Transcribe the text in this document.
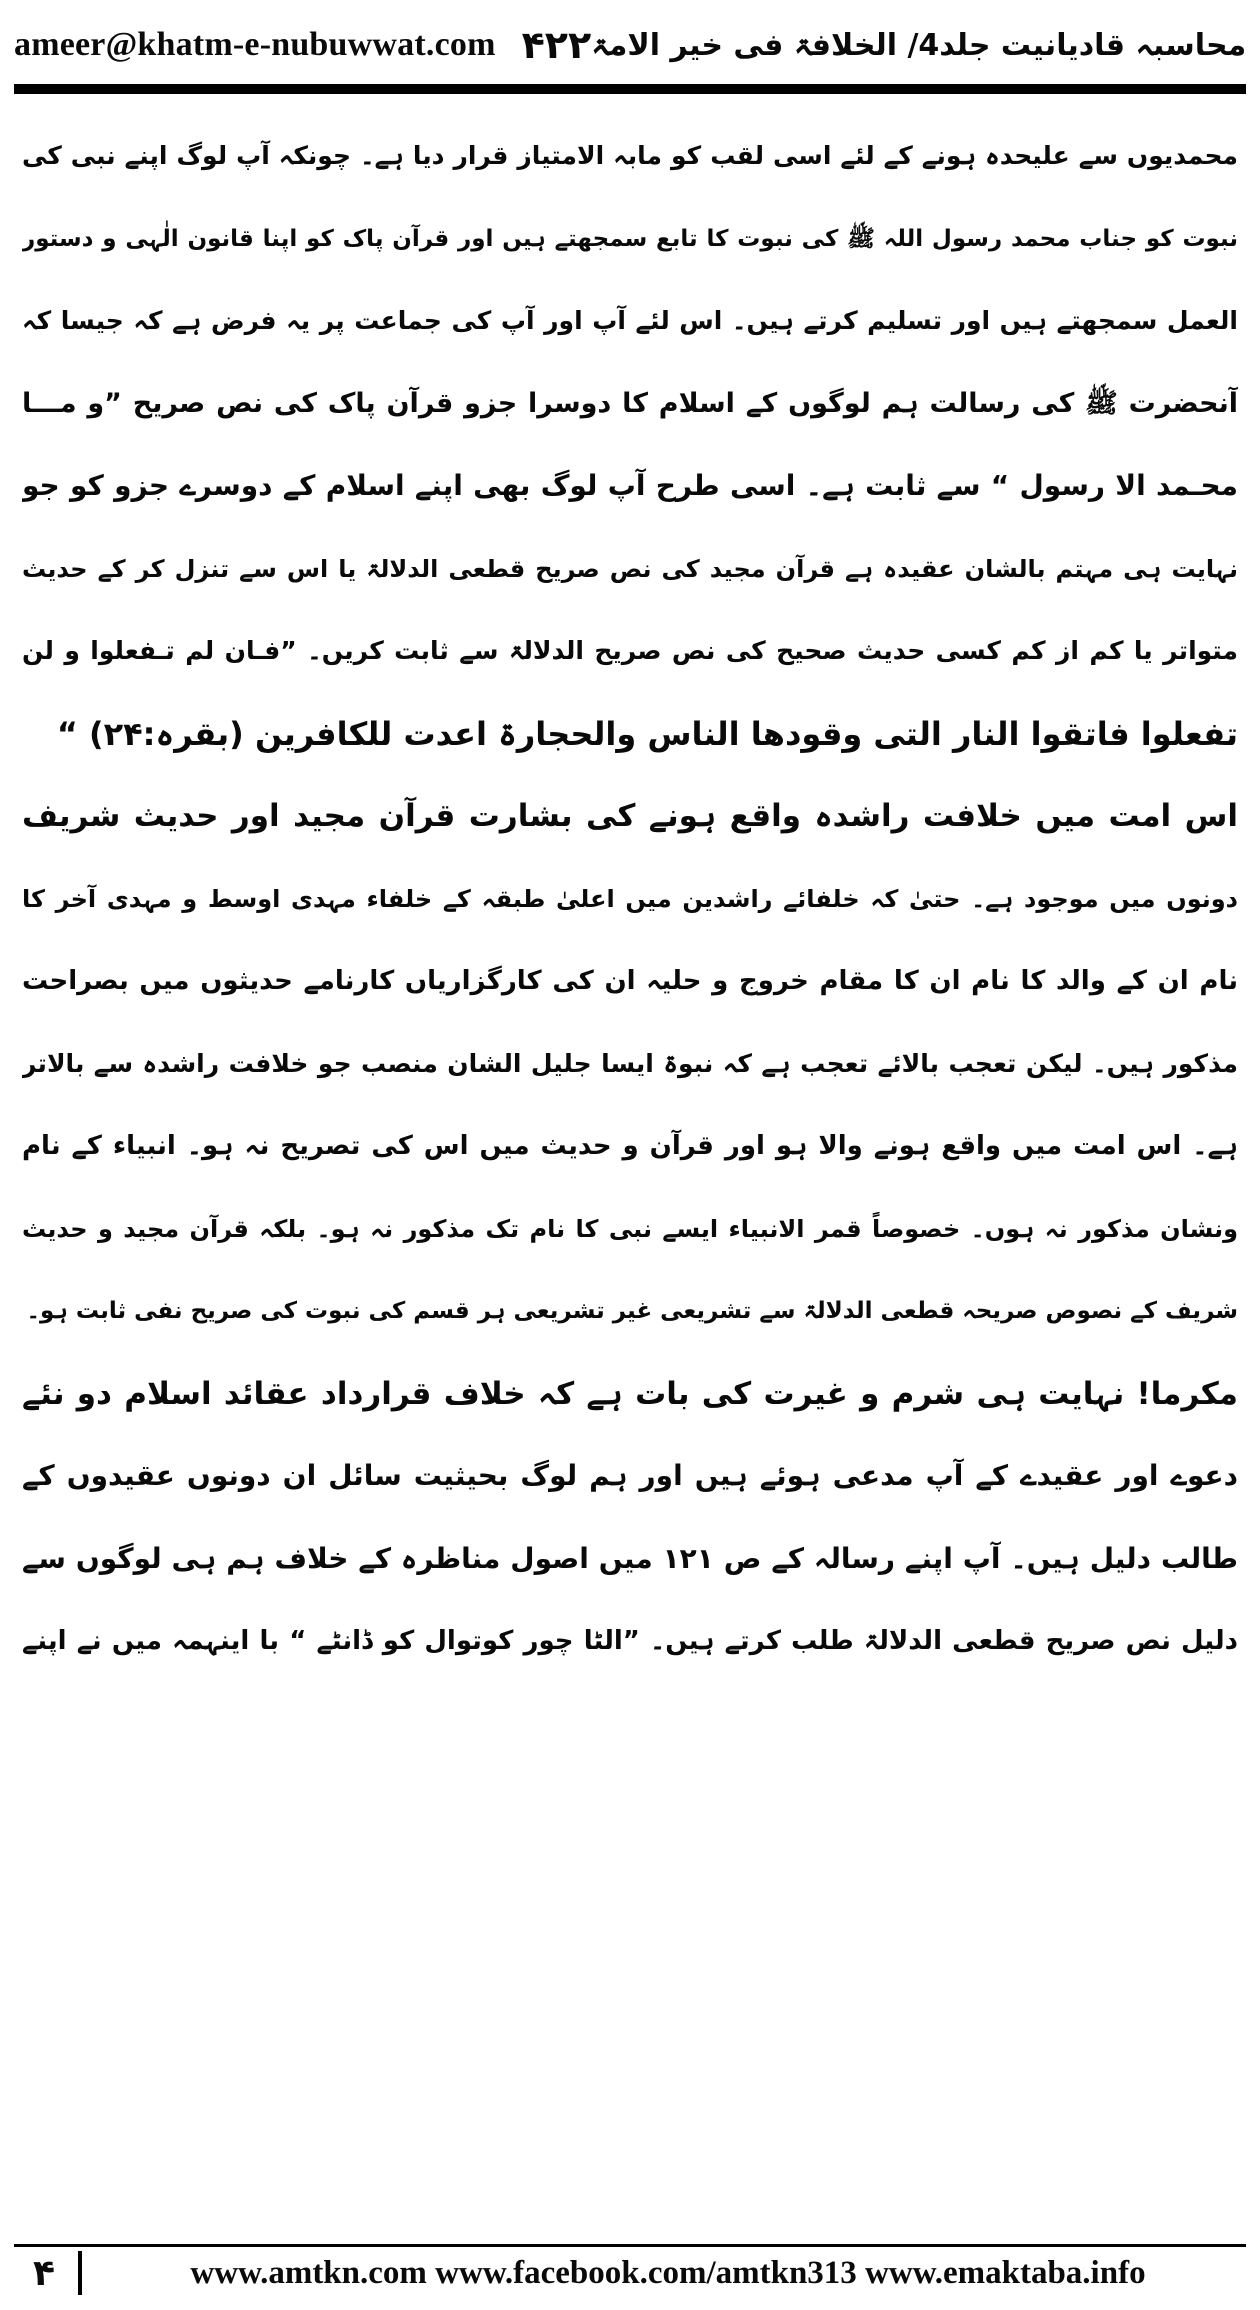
ameer@khatm-e-nubuwwat.com	محاسبہ قادیانیت جلد4/ الخلافۃ فی خیر الامۃ
۴۲۲
محمدیوں سے علیحدہ ہونے کے لئے اسی لقب کو مابہ الامتیاز قرار دیا ہے۔ چونکہ آپ لوگ اپنے نبی کی
نبوت کو جناب محمد رسول اللہ ﷺ کی نبوت کا تابع سمجھتے ہیں اور قرآن پاک کو اپنا قانون الٰہی و دستور
العمل سمجھتے ہیں اور تسلیم کرتے ہیں۔ اس لئے آپ اور آپ کی جماعت پر یہ فرض ہے کہ جیسا کہ
آنحضرت ﷺ کی رسالت ہم لوگوں کے اسلام کا دوسرا جزو قرآن پاک کی نص صریح ”و مـــا
محـمد الا رسول “ سے ثابت ہے۔ اسی طرح آپ لوگ بھی اپنے اسلام کے دوسرے جزو کو جو
نہایت ہی مہتم بالشان عقیدہ ہے قرآن مجید کی نص صریح قطعی الدلالۃ یا اس سے تنزل کر کے حدیث
متواتر یا کم از کم کسی حدیث صحیح کی نص صریح الدلالۃ سے ثابت کریں۔ ”فـان لم تـفعلوا و لن
تفعلوا فاتقوا النار التی وقودھا الناس والحجارۃ اعدت للکافرین (بقرہ:۲۴) “
اس امت میں خلافت راشدہ واقع ہونے کی بشارت قرآن مجید اور حدیث شریف
دونوں میں موجود ہے۔ حتیٰ کہ خلفائے راشدین میں اعلیٰ طبقہ کے خلفاء مہدی اوسط و مہدی آخر کا
نام ان کے والد کا نام ان کا مقام خروج و حلیہ ان کی کارگزاریاں کارنامے حدیثوں میں بصراحت
مذکور ہیں۔ لیکن تعجب بالائے تعجب ہے کہ نبوۃ ایسا جلیل الشان منصب جو خلافت راشدہ سے بالاتر
ہے۔ اس امت میں واقع ہونے والا ہو اور قرآن و حدیث میں اس کی تصریح نہ ہو۔ انبیاء کے نام
ونشان مذکور نہ ہوں۔ خصوصاً قمر الانبیاء ایسے نبی کا نام تک مذکور نہ ہو۔ بلکہ قرآن مجید و حدیث
شریف کے نصوص صریحہ قطعی الدلالۃ سے تشریعی غیر تشریعی ہر قسم کی نبوت کی صریح نفی ثابت ہو۔
مکرما! نہایت ہی شرم و غیرت کی بات ہے کہ خلاف قرارداد عقائد اسلام دو نئے
دعوے اور عقیدے کے آپ مدعی ہوئے ہیں اور ہم لوگ بحیثیت سائل ان دونوں عقیدوں کے
طالب دلیل ہیں۔ آپ اپنے رسالہ کے ص ۱۲۱ میں اصول مناظرہ کے خلاف ہم ہی لوگوں سے
دلیل نص صریح قطعی الدلالۃ طلب کرتے ہیں۔ ”الٹا چور کوتوال کو ڈانٹے “ با اینہمہ میں نے اپنے
۴	www.amtkn.com www.facebook.com/amtkn313 www.emaktaba.info
